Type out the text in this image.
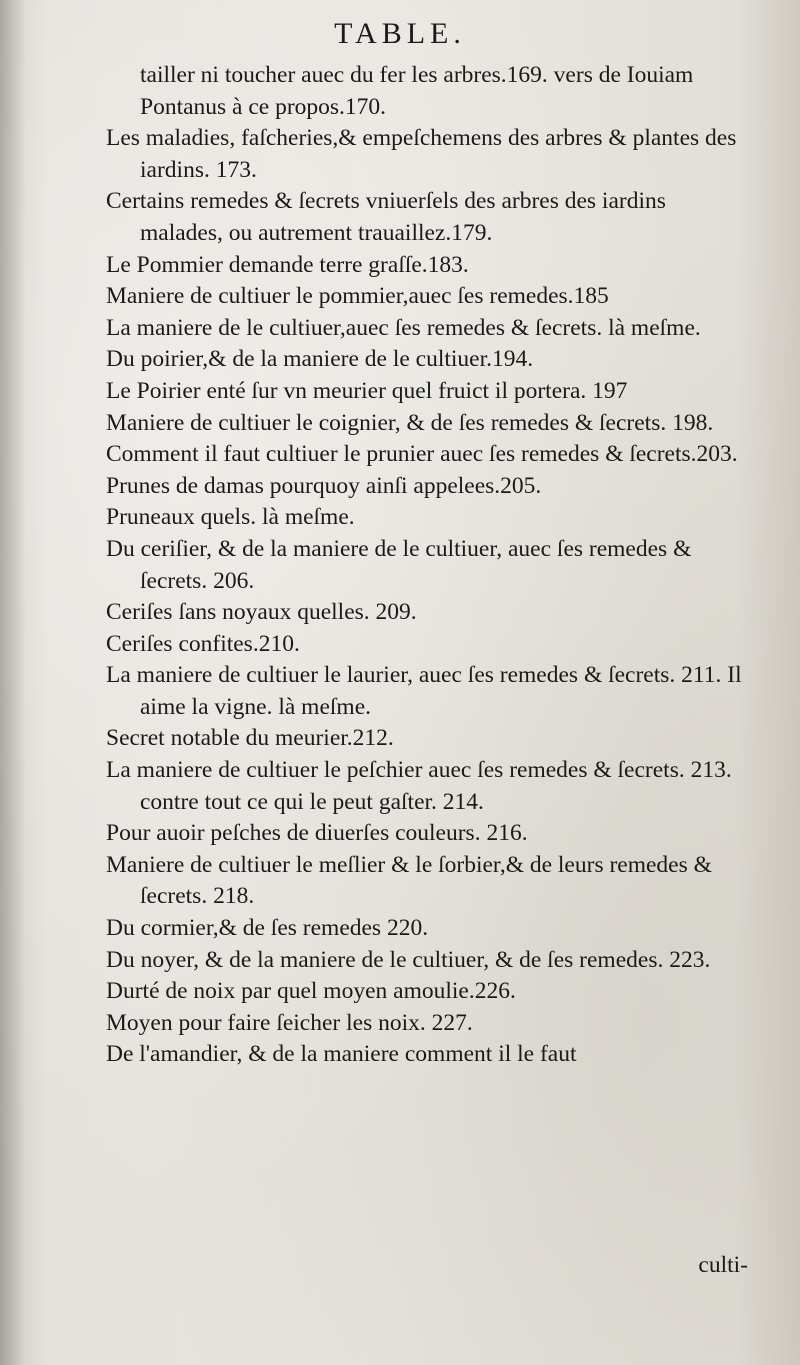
TABLE.

tailler ni toucher auec du fer les arbres.169. vers de Iouiam Pontanus à ce propos.170.

Les maladies, faſcheries,& empeſchemens des arbres & plantes des iardins. 173.

Certains remedes & ſecrets vniuerſels des arbres des iardins malades, ou autrement trauaillez.179.

Le Pommier demande terre graſſe.183.

Maniere de cultiuer le pommier,auec ſes remedes.185

La maniere de le cultiuer,auec ſes remedes & ſecrets. là meſme.

Du poirier,& de la maniere de le cultiuer.194.

Le Poirier enté ſur vn meurier quel fruict il portera. 197

Maniere de cultiuer le coignier, & de ſes remedes & ſecrets. 198.

Comment il faut cultiuer le prunier auec ſes remedes & ſecrets.203.

Prunes de damas pourquoy ainſi appelees.205.

Pruneaux quels. là meſme.

Du ceriſier, & de la maniere de le cultiuer, auec ſes remedes & ſecrets. 206.

Ceriſes ſans noyaux quelles. 209.

Ceriſes confites.210.

La maniere de cultiuer le laurier, auec ſes remedes & ſecrets. 211. Il aime la vigne. là meſme.

Secret notable du meurier.212.

La maniere de cultiuer le peſchier auec ſes remedes & ſecrets. 213. contre tout ce qui le peut gaſter. 214.

Pour auoir peſches de diuerſes couleurs. 216.

Maniere de cultiuer le meſlier & le ſorbier,& de leurs remedes & ſecrets. 218.

Du cormier,& de ſes remedes 220.

Du noyer, & de la maniere de le cultiuer, & de ſes remedes. 223.

Durté de noix par quel moyen amoulie.226.

Moyen pour faire ſeicher les noix. 227.

De l'amandier, & de la maniere comment il le faut

culti-
